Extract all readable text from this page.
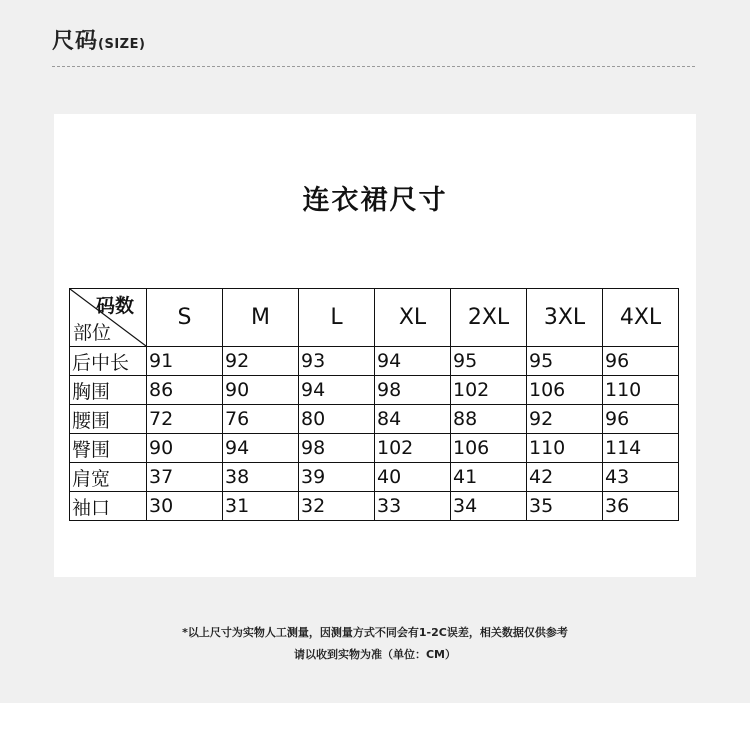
尺码(SIZE)
连衣裙尺寸
码数
部位	S	M	L	XL	2XL	3XL	4XL
后中长	91	92	93	94	95	95	96
胸围	86	90	94	98	102	106	110
腰围	72	76	80	84	88	92	96
臀围	90	94	98	102	106	110	114
肩宽	37	38	39	40	41	42	43
袖口	30	31	32	33	34	35	36
*以上尺寸为实物人工测量，因测量方式不同会有1-2C误差，相关数据仅供参考
请以收到实物为准（单位：CM）
